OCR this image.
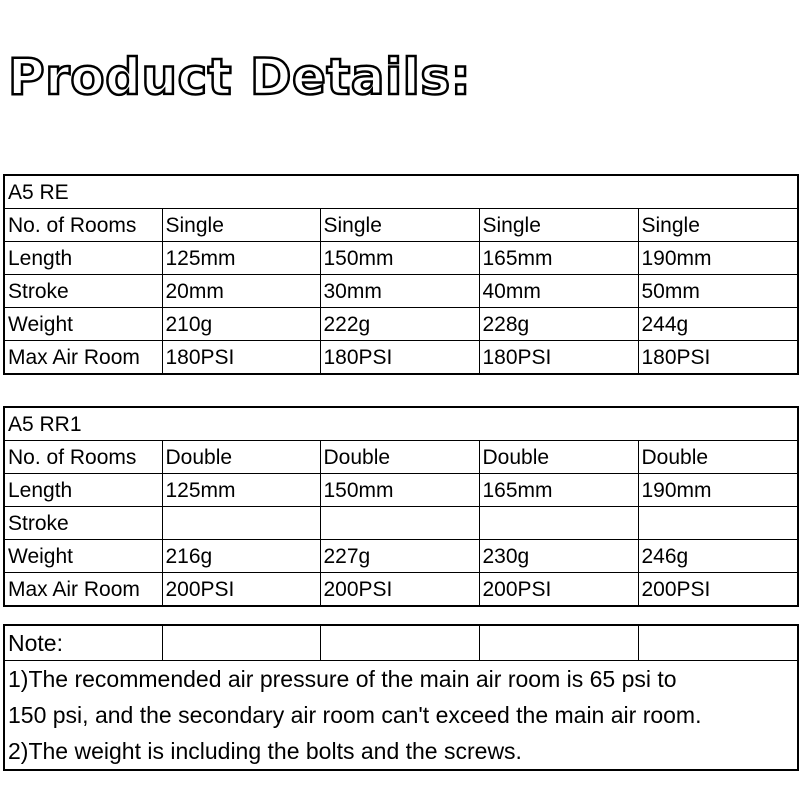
Product Details:
A5 RE				
No. of Rooms	Single	Single	Single	Single
Length	125mm	150mm	165mm	190mm
Stroke	20mm	30mm	40mm	50mm
Weight	210g	222g	228g	244g
Max Air Room	180PSI	180PSI	180PSI	180PSI
A5 RR1				
No. of Rooms	Double	Double	Double	Double
Length	125mm	150mm	165mm	190mm
Stroke				
Weight	216g	227g	230g	246g
Max Air Room	200PSI	200PSI	200PSI	200PSI
Note:				
1)The recommended air pressure of the main air room is 65 psi to
150 psi, and the secondary air room can't exceed the main air room.
2)The weight is including the bolts and the screws.
